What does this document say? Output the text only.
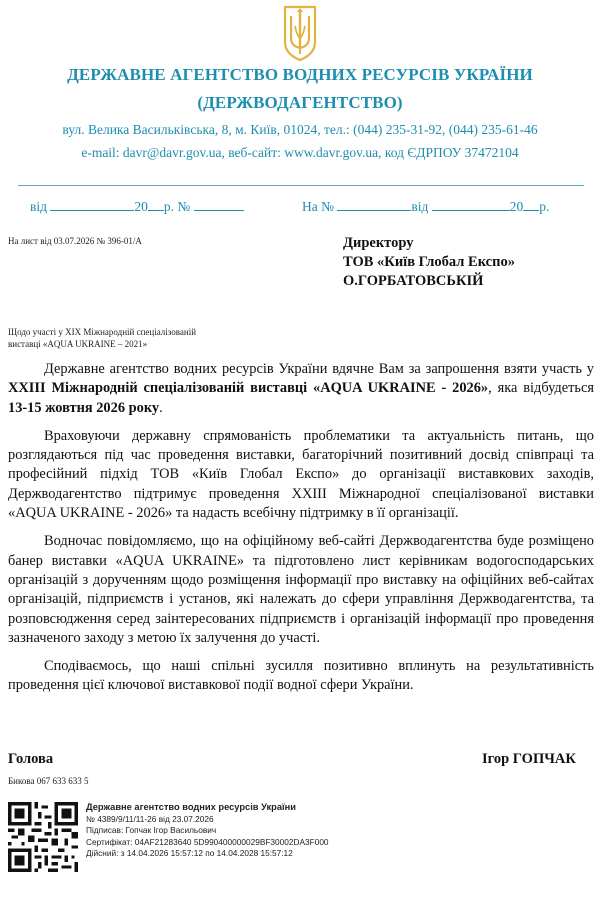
ДЕРЖАВНЕ АГЕНТСТВО ВОДНИХ РЕСУРСІВ УКРАЇНИ
(ДЕРЖВОДАГЕНТСТВО)
вул. Велика Васильківська, 8, м. Київ, 01024, тел.: (044) 235-31-92, (044) 235-61-46
e-mail: davr@davr.gov.ua, веб-сайт: www.davr.gov.ua, код ЄДРПОУ 37472104
від	20 р. №	На №	від	20 р.
На лист від 03.07.2026 № 396-01/А	Директору
ТОВ «Київ Глобал Експо»
О.ГОРБАТОВСЬКІЙ
Щодо участі у XIX Міжнародній спеціалізованій
виставці «AQUA UKRAINE – 2021»

Державне агентство водних ресурсів України вдячне Вам за запрошення взяти участь у XXIII Міжнародній спеціалізованій виставці «AQUA UKRAINE - 2026», яка відбудеться 13-15 жовтня 2026 року.

Враховуючи державну спрямованість проблематики та актуальність питань, що розглядаються під час проведення виставки, багаторічний позитивний досвід співпраці та професійний підхід ТОВ «Київ Глобал Експо» до організації виставкових заходів, Держводагентство підтримує проведення XXIII Міжнародної спеціалізованої виставки «AQUA UKRAINE - 2026» та надасть всебічну підтримку в її організації.

Водночас повідомляємо, що на офіційному веб-сайті Держводагентства буде розміщено банер виставки «AQUA UKRAINE» та підготовлено лист керівникам водогосподарських організацій з дорученням щодо розміщення інформації про виставку на офіційних веб-сайтах організацій, підприємств і установ, які належать до сфери управління Держводагентства, та розповсюдження серед заінтересованих підприємств і організацій інформації про проведення зазначеного заходу з метою їх залучення до участі.

Сподіваємось, що наші спільні зусилля позитивно вплинуть на результативність проведення цієї ключової виставкової події водної сфери України.

Голова	Ігор ГОПЧАК
Бикова 067 633 633 5
Державне агентство водних ресурсів України
№ 4389/9/11/11-26 від 23.07.2026
Підписав: Гопчак Ігор Васильович
Сертифікат: 04AF21283640 5D990400000029BF30002DA3F000
Дійсний: з 14.04.2026 15:57:12 по 14.04.2028 15:57:12
